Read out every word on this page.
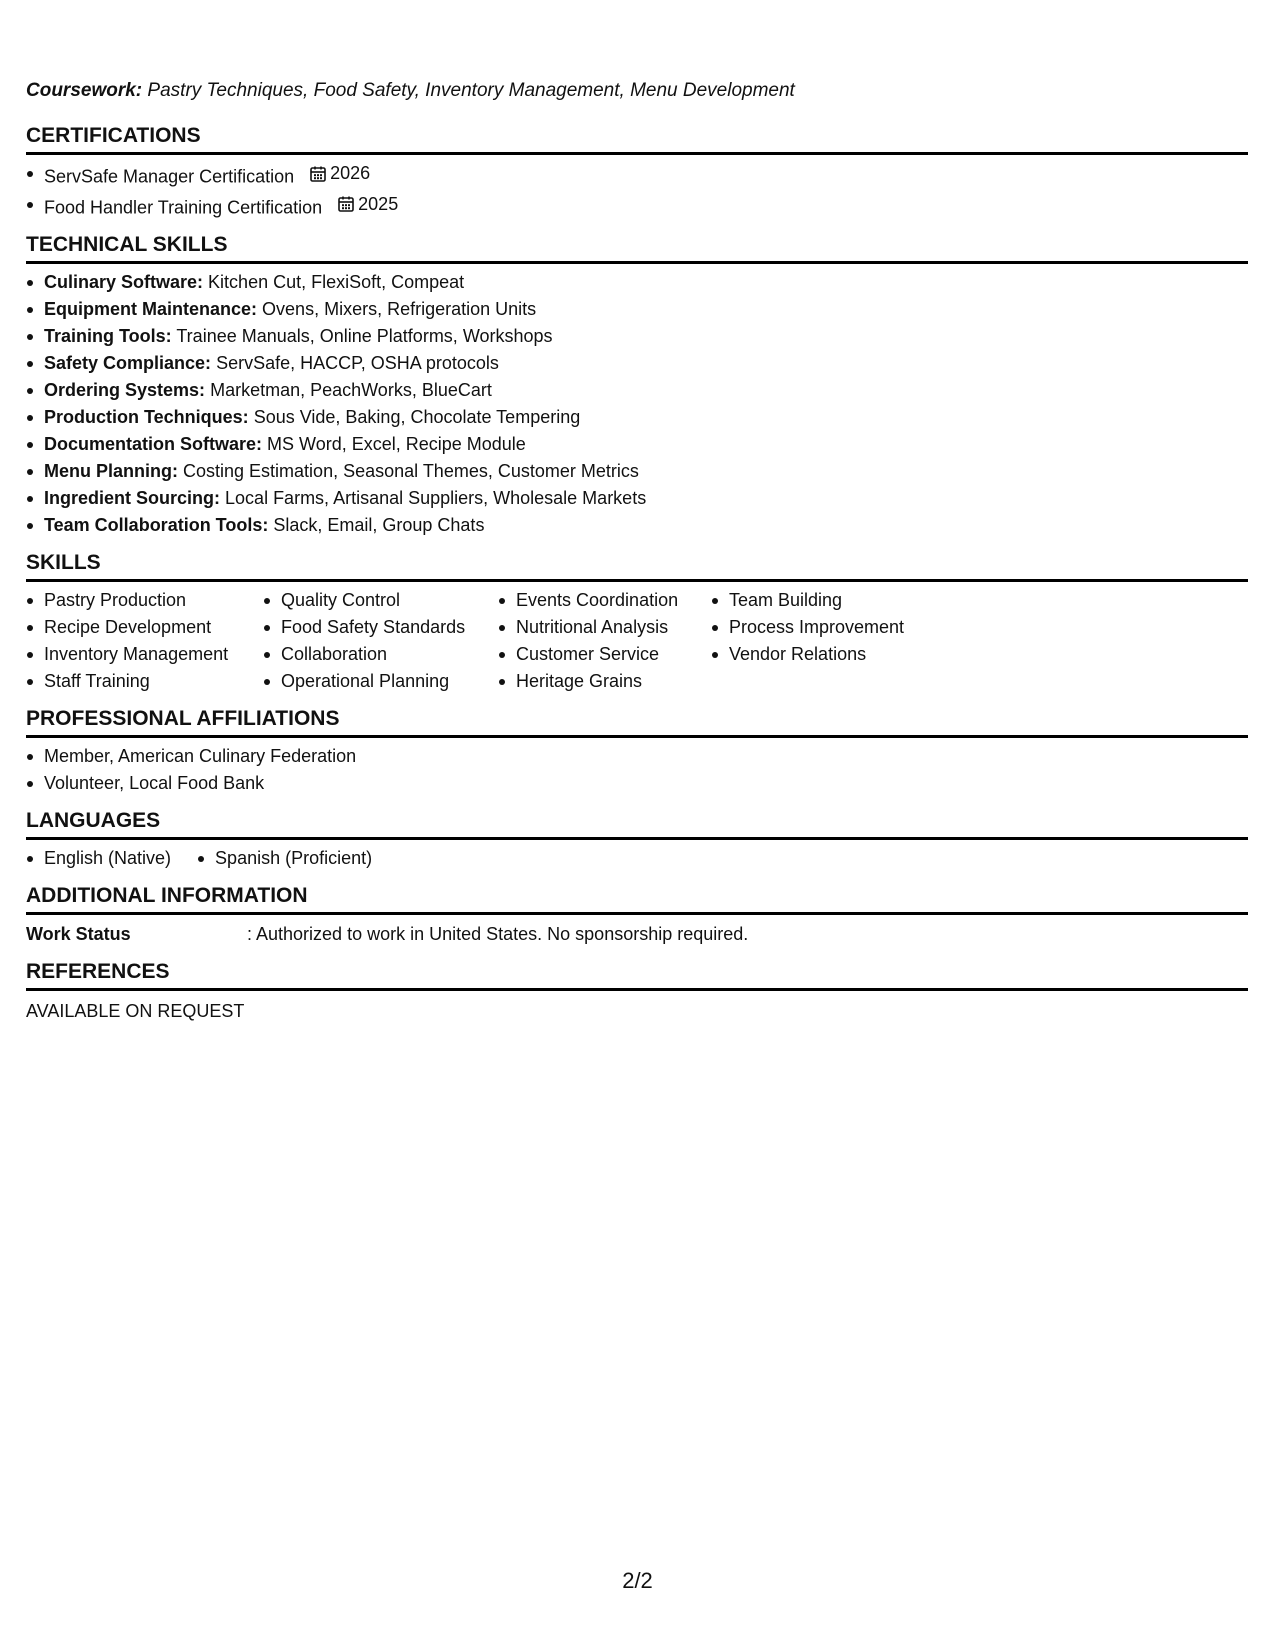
Coursework: Pastry Techniques, Food Safety, Inventory Management, Menu Development
CERTIFICATIONS
ServSafe Manager Certification 2026
Food Handler Training Certification 2025
TECHNICAL SKILLS
Culinary Software: Kitchen Cut, FlexiSoft, Compeat
Equipment Maintenance: Ovens, Mixers, Refrigeration Units
Training Tools: Trainee Manuals, Online Platforms, Workshops
Safety Compliance: ServSafe, HACCP, OSHA protocols
Ordering Systems: Marketman, PeachWorks, BlueCart
Production Techniques: Sous Vide, Baking, Chocolate Tempering
Documentation Software: MS Word, Excel, Recipe Module
Menu Planning: Costing Estimation, Seasonal Themes, Customer Metrics
Ingredient Sourcing: Local Farms, Artisanal Suppliers, Wholesale Markets
Team Collaboration Tools: Slack, Email, Group Chats
SKILLS
Pastry Production
Recipe Development
Inventory Management
Staff Training
Quality Control
Food Safety Standards
Collaboration
Operational Planning
Events Coordination
Nutritional Analysis
Customer Service
Heritage Grains
Team Building
Process Improvement
Vendor Relations
PROFESSIONAL AFFILIATIONS
Member, American Culinary Federation
Volunteer, Local Food Bank
LANGUAGES
English (Native)	Spanish (Proficient)
ADDITIONAL INFORMATION
Work Status	: Authorized to work in United States. No sponsorship required.
REFERENCES
AVAILABLE ON REQUEST
2/2
